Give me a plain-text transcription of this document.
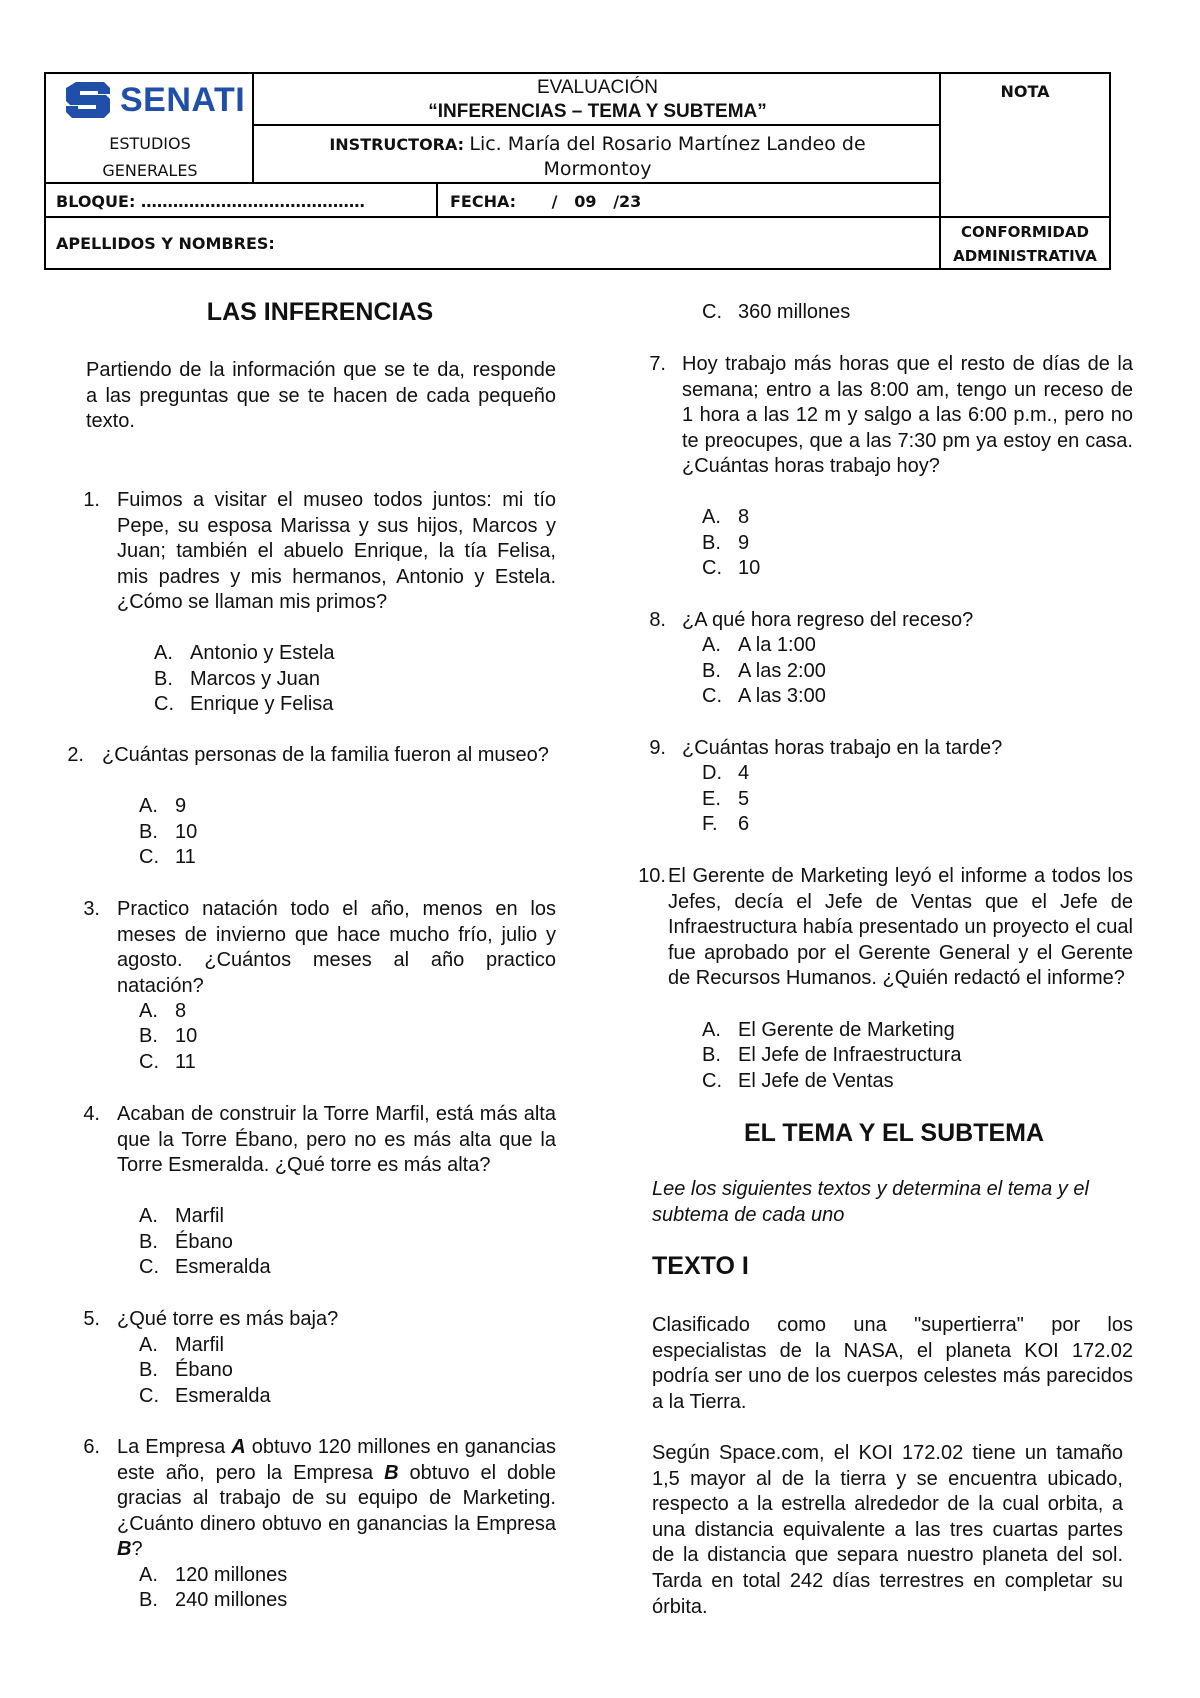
SENATI
ESTUDIOS
GENERALES
EVALUACIÓN
“INFERENCIAS – TEMA Y SUBTEMA”
INSTRUCTORA: Lic. María del Rosario Martínez Landeo de Mormontoy
NOTA
BLOQUE: ……………………………………	FECHA: /   09   /23
APELLIDOS Y NOMBRES:
CONFORMIDAD
ADMINISTRATIVA
LAS INFERENCIAS
Partiendo de la información que se te da, responde a las preguntas que se te hacen de cada pequeño texto.
1. Fuimos a visitar el museo todos juntos: mi tío Pepe, su esposa Marissa y sus hijos, Marcos y Juan; también el abuelo Enrique, la tía Felisa, mis padres y mis hermanos, Antonio y Estela. ¿Cómo se llaman mis primos?
A. Antonio y Estela
B. Marcos y Juan
C. Enrique y Felisa
2. ¿Cuántas personas de la familia fueron al museo?
A. 9
B. 10
C. 11
3. Practico natación todo el año, menos en los meses de invierno que hace mucho frío, julio y agosto. ¿Cuántos meses al año practico natación?
A. 8
B. 10
C. 11
4. Acaban de construir la Torre Marfil, está más alta que la Torre Ébano, pero no es más alta que la Torre Esmeralda. ¿Qué torre es más alta?
A. Marfil
B. Ébano
C. Esmeralda
5. ¿Qué torre es más baja?
A. Marfil
B. Ébano
C. Esmeralda
6. La Empresa A obtuvo 120 millones en ganancias este año, pero la Empresa B obtuvo el doble gracias al trabajo de su equipo de Marketing. ¿Cuánto dinero obtuvo en ganancias la Empresa B?
A. 120 millones
B. 240 millones
C. 360 millones
7. Hoy trabajo más horas que el resto de días de la semana; entro a las 8:00 am, tengo un receso de 1 hora a las 12 m y salgo a las 6:00 p.m., pero no te preocupes, que a las 7:30 pm ya estoy en casa. ¿Cuántas horas trabajo hoy?
A. 8
B. 9
C. 10
8. ¿A qué hora regreso del receso?
A. A la 1:00
B. A las 2:00
C. A las 3:00
9. ¿Cuántas horas trabajo en la tarde?
D. 4
E. 5
F. 6
10. El Gerente de Marketing leyó el informe a todos los Jefes, decía el Jefe de Ventas que el Jefe de Infraestructura había presentado un proyecto el cual fue aprobado por el Gerente General y el Gerente de Recursos Humanos. ¿Quién redactó el informe?
A. El Gerente de Marketing
B. El Jefe de Infraestructura
C. El Jefe de Ventas
EL TEMA Y EL SUBTEMA
Lee los siguientes textos y determina el tema y el subtema de cada uno
TEXTO I
Clasificado como una "supertierra" por los especialistas de la NASA, el planeta KOI 172.02 podría ser uno de los cuerpos celestes más parecidos a la Tierra.
Según Space.com, el KOI 172.02 tiene un tamaño 1,5 mayor al de la tierra y se encuentra ubicado, respecto a la estrella alrededor de la cual orbita, a una distancia equivalente a las tres cuartas partes de la distancia que separa nuestro planeta del sol. Tarda en total 242 días terrestres en completar su órbita.
